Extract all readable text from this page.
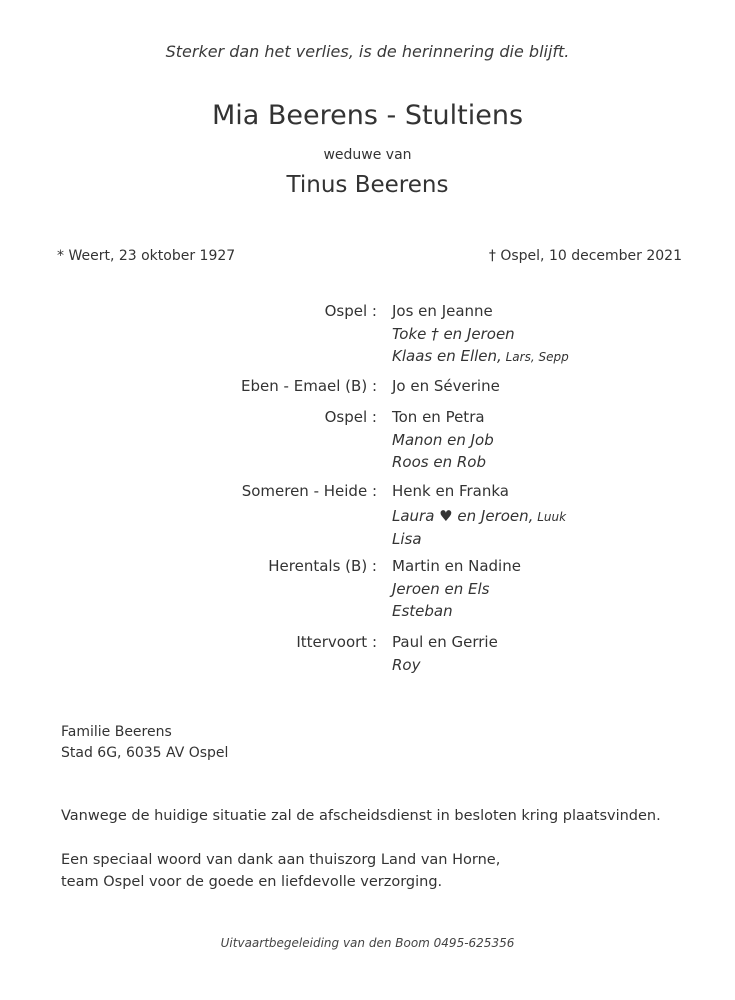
Sterker dan het verlies, is de herinnering die blijft.
Mia Beerens - Stultiens
weduwe van
Tinus Beerens
* Weert, 23 oktober 1927	† Ospel, 10 december 2021
Ospel : Jos en Jeanne
Toke † en Jeroen
Klaas en Ellen, Lars, Sepp
Eben - Emael (B) : Jo en Séverine
Ospel : Ton en Petra
Manon en Job
Roos en Rob
Someren - Heide : Henk en Franka
Laura ♥ en Jeroen, Luuk
Lisa
Herentals (B) : Martin en Nadine
Jeroen en Els
Esteban
Ittervoort : Paul en Gerrie
Roy
Familie Beerens
Stad 6G, 6035 AV Ospel
Vanwege de huidige situatie zal de afscheidsdienst in besloten kring plaatsvinden.
Een speciaal woord van dank aan thuiszorg Land van Horne,
team Ospel voor de goede en liefdevolle verzorging.
Uitvaartbegeleiding van den Boom 0495-625356
